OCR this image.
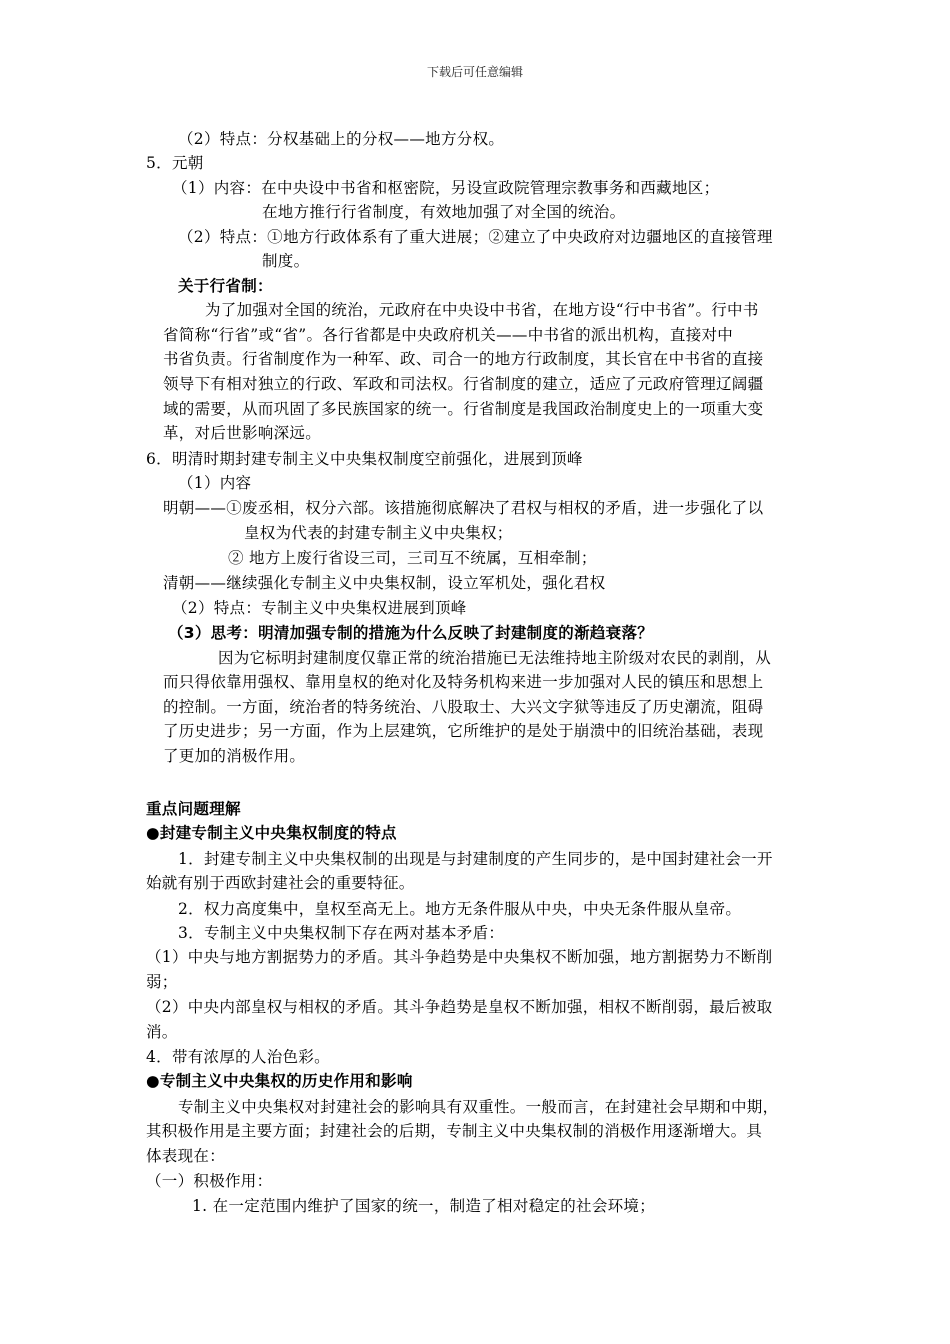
下载后可任意编辑
（2）特点：分权基础上的分权——地方分权。
5．元朝
（1）内容：在中央设中书省和枢密院，另设宣政院管理宗教事务和西藏地区；
在地方推行行省制度，有效地加强了对全国的统治。
（2）特点：①地方行政体系有了重大进展；②建立了中央政府对边疆地区的直接管理
制度。
关于行省制：
为了加强对全国的统治，元政府在中央设中书省，在地方设“行中书省”。行中书
省简称“行省”或“省”。各行省都是中央政府机关——中书省的派出机构，直接对中
书省负责。行省制度作为一种军、政、司合一的地方行政制度，其长官在中书省的直接
领导下有相对独立的行政、军政和司法权。行省制度的建立，适应了元政府管理辽阔疆
域的需要，从而巩固了多民族国家的统一。行省制度是我国政治制度史上的一项重大变
革，对后世影响深远。
6．明清时期封建专制主义中央集权制度空前强化，进展到顶峰
（1）内容
明朝——①废丞相，权分六部。该措施彻底解决了君权与相权的矛盾，进一步强化了以
皇权为代表的封建专制主义中央集权；
② 地方上废行省设三司，三司互不统属，互相牵制；
清朝——继续强化专制主义中央集权制，设立军机处，强化君权
（2）特点：专制主义中央集权进展到顶峰
（3）思考：明清加强专制的措施为什么反映了封建制度的渐趋衰落？
因为它标明封建制度仅靠正常的统治措施已无法维持地主阶级对农民的剥削，从
而只得依靠用强权、靠用皇权的绝对化及特务机构来进一步加强对人民的镇压和思想上
的控制。一方面，统治者的特务统治、八股取士、大兴文字狱等违反了历史潮流，阻碍
了历史进步；另一方面，作为上层建筑，它所维护的是处于崩溃中的旧统治基础，表现
了更加的消极作用。
重点问题理解
●封建专制主义中央集权制度的特点
1．封建专制主义中央集权制的出现是与封建制度的产生同步的，是中国封建社会一开
始就有别于西欧封建社会的重要特征。
2．权力高度集中，皇权至高无上。地方无条件服从中央，中央无条件服从皇帝。
3．专制主义中央集权制下存在两对基本矛盾：
（1）中央与地方割据势力的矛盾。其斗争趋势是中央集权不断加强，地方割据势力不断削
弱；
（2）中央内部皇权与相权的矛盾。其斗争趋势是皇权不断加强，相权不断削弱，最后被取
消。
4．带有浓厚的人治色彩。
●专制主义中央集权的历史作用和影响
专制主义中央集权对封建社会的影响具有双重性。一般而言，在封建社会早期和中期，
其积极作用是主要方面；封建社会的后期，专制主义中央集权制的消极作用逐渐增大。具
体表现在：
（一）积极作用：
1. 在一定范围内维护了国家的统一，制造了相对稳定的社会环境；
